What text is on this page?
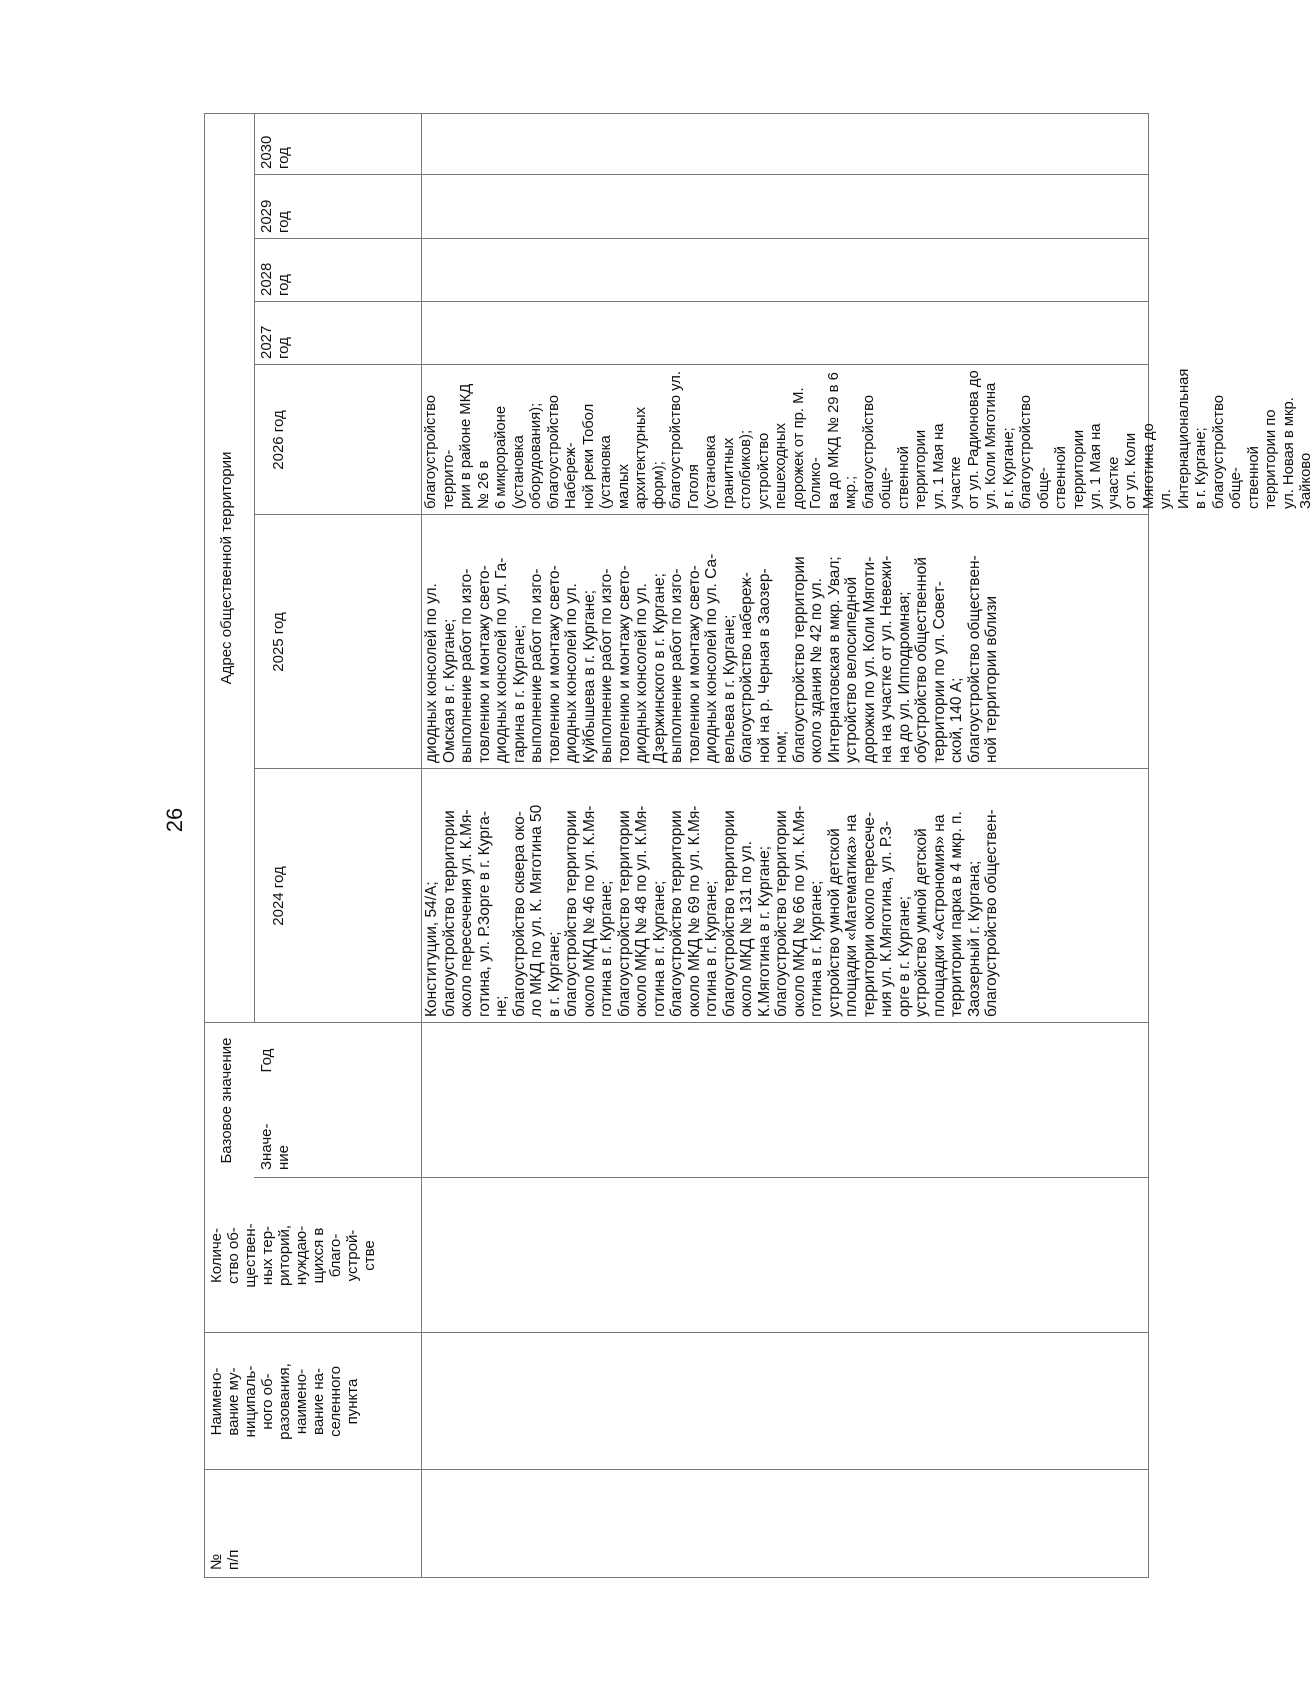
26
№
п/п
Наимено-
вание му-
ниципаль-
ного об-
разования,
наимено-
вание на-
селенного
пункта
Количе-
ство об-
ществен-
ных тер-
риторий,
нуждаю-
щихся в
благо-
устрой-
стве
Базовое значение	Значе-
ние
Адрес общественной территории	2025 год
2024 год
2026 год
2027
год
2028
год
2029
год
2030
год
Год
Конституции, 54/А;
благоустройство территории
около пересечения ул. К.Мя-
готина, ул. Р.Зорге в г. Курга-
не;
благоустройство сквера око-
ло МКД по ул. К. Мяготина 50
в г. Кургане;
благоустройство территории
около МКД № 46 по ул. К.Мя-
готина в г. Кургане;
благоустройство территории
около МКД № 48 по ул. К.Мя-
готина в г. Кургане;
благоустройство территории
около МКД № 69 по ул. К.Мя-
готина в г. Кургане;
благоустройство территории
около МКД № 131 по ул.
К.Мяготина в г. Кургане;
благоустройство территории
около МКД № 66 по ул. К.Мя-
готина в г. Кургане;
устройство умной детской
площадки «Математика» на
территории около пересече-
ния ул. К.Мяготина, ул. Р.З-
орге в г. Кургане;
устройство умной детской
площадки «Астрономия» на
территории парка в 4 мкр. п.
Заозерный г. Кургана;
благоустройство обществен-
диодных консолей по ул.
Омская в г. Кургане;
выполнение работ по изго-
товлению и монтажу свето-
диодных консолей по ул. Га-
гарина в г. Кургане;
выполнение работ по изго-
товлению и монтажу свето-
диодных консолей по ул.
Куйбышева в г. Кургане;
выполнение работ по изго-
товлению и монтажу свето-
диодных консолей по ул.
Дзержинского в г. Кургане;
выполнение работ по изго-
товлению и монтажу свето-
диодных консолей по ул. Са-
вельева в г. Кургане;
благоустройство набереж-
ной на р. Черная в Заозер-
ном;
благоустройство территории
около здания № 42 по ул.
Интернатовская в мкр. Увал;
устройство велосипедной
дорожки по ул. Коли Мяготи-
на на участке от ул. Невежи-
на до ул. Ипподромная;
обустройство общественной
территории по ул. Совет-
ской, 140 А;
благоустройство обществен-
ной территории вблизи
благоустройство террито-
рии в районе МКД № 26 в
6 микрорайоне (установка
оборудования);
благоустройство Набереж-
ной реки Тобол (установка
малых архитектурных
форм);
благоустройство ул. Гоголя
(установка гранитных
столбиков);
устройство пешеходных
дорожек от пр. М. Голико-
ва до МКД № 29 в 6 мкр.;
благоустройство обще-
ственной территории
ул. 1 Мая на участке
от ул. Радионова до
ул. Коли Мяготина
в г. Кургане;
благоустройство обще-
ственной территории
ул. 1 Мая на участке
от ул. Коли Мяготина до
ул. Интернациональная
в г. Кургане;
благоустройство обще-
ственной территории по
ул. Новая в мкр. Зайково
